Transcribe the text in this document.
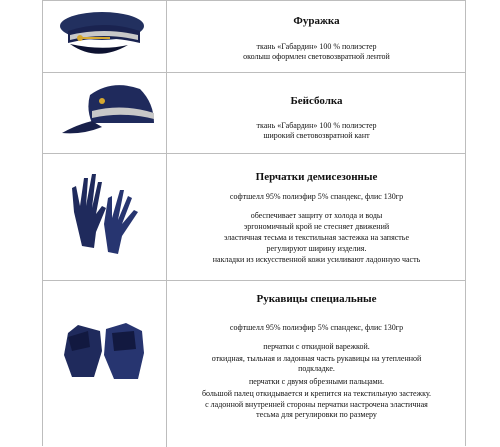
Фуражка
ткань «Габардин» 100 % полиэстер
околыш оформлен световозвратной лентой
Бейсболка
ткань «Габардин» 100 % полиэстер
широкий световозвратной кант
Перчатки демисезонные
софтшелл 95% полиэфир 5% спандекс, флис 130гр
обеспечивает защиту от холода и воды
эргономичный крой не стесняет движений
эластичная тесьма и текстильная застежка на запястье
регулируют ширину изделия.
накладки из искусственной кожи усиливают ладонную часть
Рукавицы специальные
софтшелл 95% полиэфир 5% спандекс, флис 130гр
перчатки с откидной варежкой.
откидная, тыльная и ладонная часть рукавицы на утепленной
подкладке.
перчатки с двумя обрезными пальцами.
большой палец откидывается и крепится на текстильную застежку.
с ладонной внутренней стороны перчатки настрочена эластичная
тесьма для регулировки по размеру
